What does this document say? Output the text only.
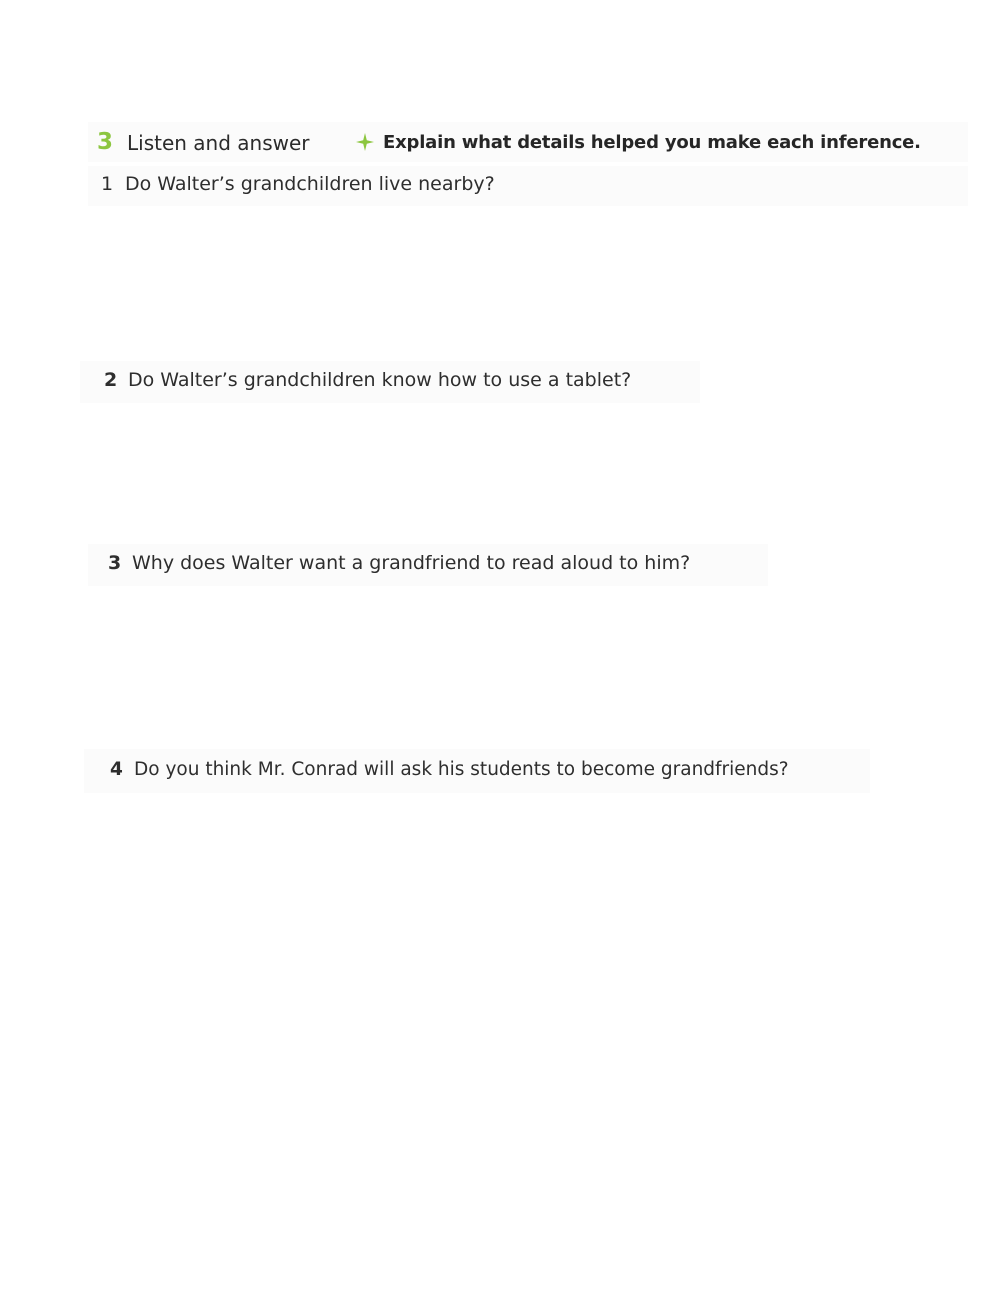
3 Listen and answer	Explain what details helped you make each inference.
1 Do Walter’s grandchildren live nearby?
2 Do Walter’s grandchildren know how to use a tablet?
3 Why does Walter want a grandfriend to read aloud to him?
4 Do you think Mr. Conrad will ask his students to become grandfriends?
